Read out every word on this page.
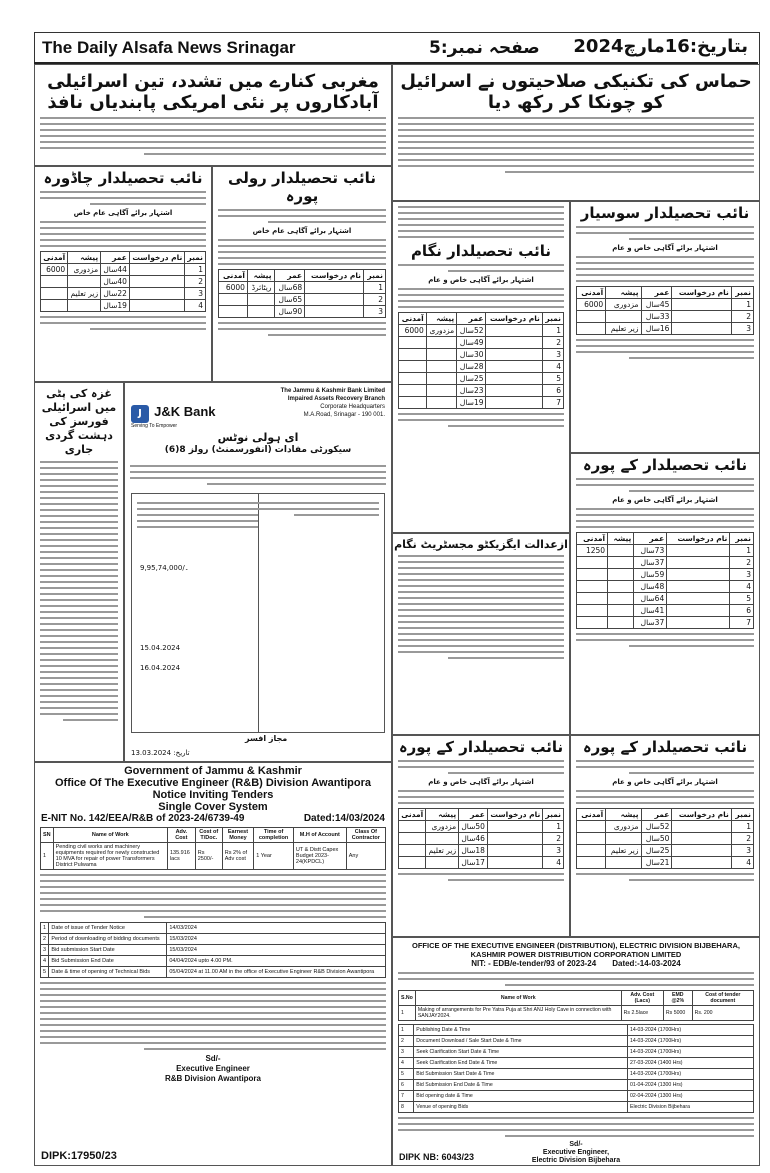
The Daily Alsafa News Srinagar	صفحہ نمبر:5 بتاریخ:16مارچ2024
مغربی کنارے میں تشدد، تین اسرائیلی آبادکاروں پر نئی امریکی پابندیاں نافذ
حماس کی تکنیکی صلاحیتوں نے اسرائیل کو چونکا کر رکھ دیا
نائب تحصیلدار چاڈورہ
اشتہار برائے آگاہی عام خاص
نمبر	نام درخواست	عمر	پیشہ	آمدنی
1		44سال	مزدوری	6000
2		40سال		
3		22سال	زیر تعلیم	
4		19سال		
نائب تحصیلدار رولی پورہ
اشتہار برائے آگاہی عام خاص
نمبر	نام درخواست	عمر	پیشہ	آمدنی
1		68سال	ریٹائرڈ	6000
2		65سال		
3		90سال		
نائب تحصیلدار سوسیار
اشتہار برائے آگاہی خاص و عام
نمبر	نام درخواست	عمر	پیشہ	آمدنی
1		45سال	مزدوری	6000
2		33سال		
3		16سال	زیر تعلیم	
نائب تحصیلدار نگام
اشتہار برائے آگاہی خاص و عام
نمبر	نام درخواست	عمر	پیشہ	آمدنی
1		52سال	مزدوری	6000
2		49سال		
3		30سال		
4		28سال		
5		25سال		
6		23سال		
7		19سال		
غزہ کی پٹی میں اسرائیلی فورسز کی دہشت گردی جاری
J J&K Bank
Serving To Empower
The Jammu & Kashmir Bank Limited
Impaired Assets Recovery Branch
Corporate Headquarters
M.A.Road, Srinagar - 190 001.
ای ہولی نوٹس
سیکورٹی مفادات (انفورسمنٹ) رولز 8(6)
۔/9,95,74,000
15.04.2024
16.04.2024
تاریخ: 13.03.2024
مجاز افسر
ازعدالت ایگزیکٹو مجسٹریٹ نگام
نائب تحصیلدار کے پورہ
اشتہار برائے آگاہی خاص و عام
نمبر	نام درخواست	عمر	پیشہ	آمدنی
1		73سال		1250
2		37سال		
3		59سال		
4		48سال		
5		64سال		
6		41سال		
7		37سال		
نائب تحصیلدار کے پورہ
اشتہار برائے آگاہی خاص و عام
نمبر	نام درخواست	عمر	پیشہ	آمدنی
1		50سال	مزدوری	
2		46سال		
3		18سال	زیر تعلیم	
4		17سال		
نائب تحصیلدار کے پورہ
اشتہار برائے آگاہی خاص و عام
نمبر	نام درخواست	عمر	پیشہ	آمدنی
1		52سال	مزدوری	
2		50سال		
3		25سال	زیر تعلیم	
4		21سال		
Government of Jammu & Kashmir
Office Of The Executive Engineer (R&B) Division Awantipora
Notice Inviting Tenders
Single Cover System
E-NIT No. 142/EEA/R&B of 2023-24/6739-49	Dated:14/03/2024
SN	Name of Work	Adv. Cost	Cost of T/Doc.	Earnest Money	Time of completion	M.H of Account	Class Of Contractor
1	Pending civil works and machinery equipments required for newly constructed 10 MVA for repair of power Transformers District Pulwama	135.916 lacs	Rs 2500/-	Rs 2% of Adv cost	1 Year	UT & Distt Capex Budget 2023-24(KPDCL)	Any
1	Date of issue of Tender Notice	14/03/2024
2	Period of downloading of bidding documents	15/03/2024
3	Bid submission Start Date	15/03/2024
4	Bid Submission End Date	04/04/2024 upto 4.00 PM.
5	Date & time of opening of Technical Bids	05/04/2024 at 11.00 AM in the office of Executive Engineer R&B Division Awantipora
Sd/-
Executive Engineer
R&B Division Awantipora
DIPK:17950/23
OFFICE OF THE EXECUTIVE ENGINEER (DISTRIBUTION), ELECTRIC DIVISION BIJBEHARA, KASHMIR POWER DISTRIBUTION CORPORATION LIMITED
NIT: - EDB/e-tender/93 of 2023-24 Dated:-14-03-2024
S.No	Name of Work	Adv. Cost (Lacs)	EMD @2%	Cost of tender document
1	Making of arrangements for Pre Yatra Puja at Shri ANJ Holy Cave in connection with SANJAY2024.	Rs 2.5lace	Rs 5000	Rs. 200
1	Publishing Date & Time	14-03-2024 (1700Hrs)
2	Document Download / Sale Start Date & Time	14-03-2024 (1700Hrs)
3	Seek Clarification Start Date & Time	14-03-2024 (1700Hrs)
4	Seek Clarification End Date & Time	27-03-2024 (1400 Hrs)
5	Bid Submission Start Date & Time	14-03-2024 (1700Hrs)
6	Bid Submission End Date & Time	01-04-2024 (1300 Hrs)
7	Bid opening date & Time	02-04-2024 (1300 Hrs)
8	Venue of opening Bids	Electric Division Bijbehara
Sd/-
Executive Engineer,
Electric Division Bijbehara
DIPK NB: 6043/23
